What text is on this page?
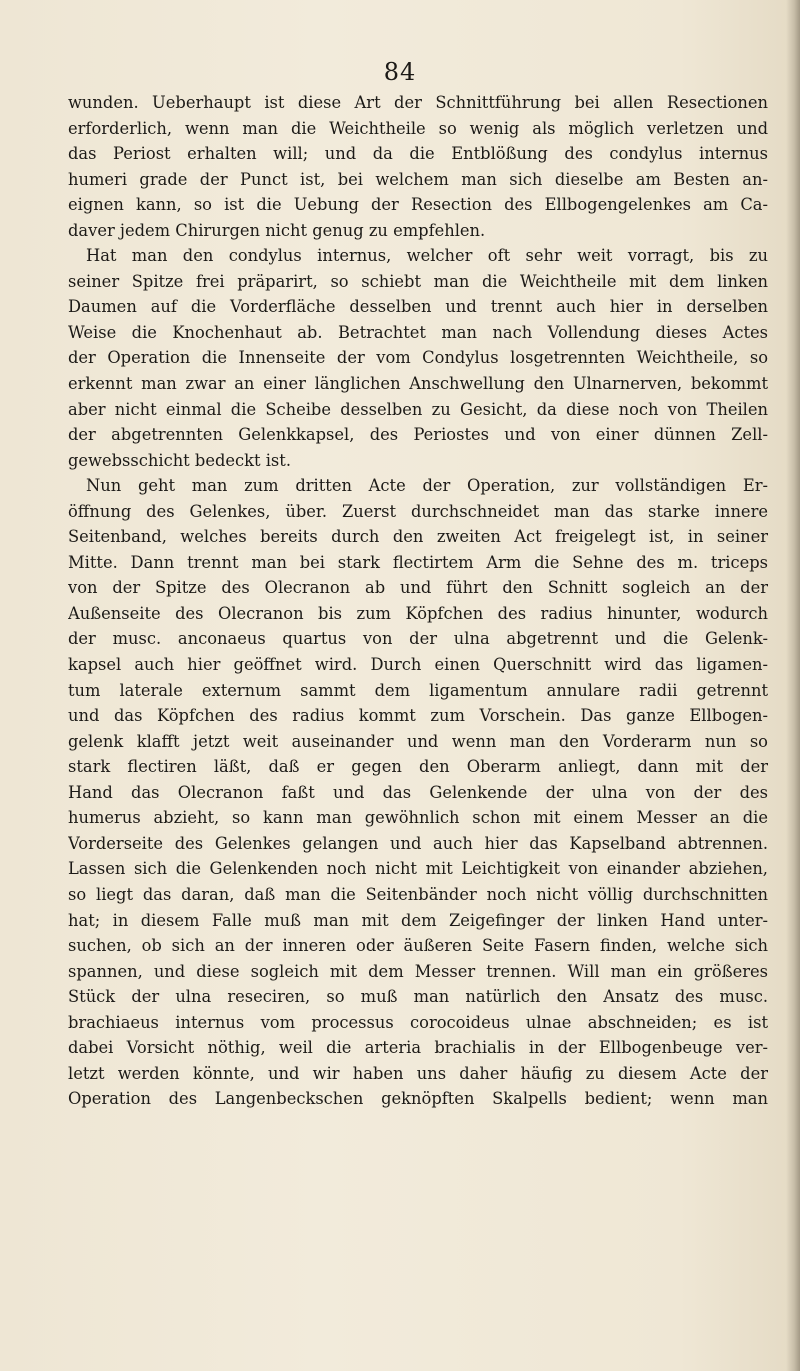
84
wunden. Ueberhaupt ist diese Art der Schnittführung bei allen Resectionen
erforderlich, wenn man die Weichtheile so wenig als möglich verletzen und
das Periost erhalten will; und da die Entblößung des condylus internus
humeri grade der Punct ist, bei welchem man sich dieselbe am Besten an-
eignen kann, so ist die Uebung der Resection des Ellbogengelenkes am Ca-
daver jedem Chirurgen nicht genug zu empfehlen.
Hat man den condylus internus, welcher oft sehr weit vorragt, bis zu
seiner Spitze frei präparirt, so schiebt man die Weichtheile mit dem linken
Daumen auf die Vorderfläche desselben und trennt auch hier in derselben
Weise die Knochenhaut ab. Betrachtet man nach Vollendung dieses Actes
der Operation die Innenseite der vom Condylus losgetrennten Weichtheile, so
erkennt man zwar an einer länglichen Anschwellung den Ulnarnerven, bekommt
aber nicht einmal die Scheibe desselben zu Gesicht, da diese noch von Theilen
der abgetrennten Gelenkkapsel, des Periostes und von einer dünnen Zell-
gewebsschicht bedeckt ist.
Nun geht man zum dritten Acte der Operation, zur vollständigen Er-
öffnung des Gelenkes, über. Zuerst durchschneidet man das starke innere
Seitenband, welches bereits durch den zweiten Act freigelegt ist, in seiner
Mitte. Dann trennt man bei stark flectirtem Arm die Sehne des m. triceps
von der Spitze des Olecranon ab und führt den Schnitt sogleich an der
Außenseite des Olecranon bis zum Köpfchen des radius hinunter, wodurch
der musc. anconaeus quartus von der ulna abgetrennt und die Gelenk-
kapsel auch hier geöffnet wird. Durch einen Querschnitt wird das ligamen-
tum laterale externum sammt dem ligamentum annulare radii getrennt
und das Köpfchen des radius kommt zum Vorschein. Das ganze Ellbogen-
gelenk klafft jetzt weit auseinander und wenn man den Vorderarm nun so
stark flectiren läßt, daß er gegen den Oberarm anliegt, dann mit der
Hand das Olecranon faßt und das Gelenkende der ulna von der des
humerus abzieht, so kann man gewöhnlich schon mit einem Messer an die
Vorderseite des Gelenkes gelangen und auch hier das Kapselband abtrennen.
Lassen sich die Gelenkenden noch nicht mit Leichtigkeit von einander abziehen,
so liegt das daran, daß man die Seitenbänder noch nicht völlig durchschnitten
hat; in diesem Falle muß man mit dem Zeigefinger der linken Hand unter-
suchen, ob sich an der inneren oder äußeren Seite Fasern finden, welche sich
spannen, und diese sogleich mit dem Messer trennen. Will man ein größeres
Stück der ulna reseciren, so muß man natürlich den Ansatz des musc.
brachiaeus internus vom processus corocoideus ulnae abschneiden; es ist
dabei Vorsicht nöthig, weil die arteria brachialis in der Ellbogenbeuge ver-
letzt werden könnte, und wir haben uns daher häufig zu diesem Acte der
Operation des Langenbeckschen geknöpften Skalpells bedient; wenn man
